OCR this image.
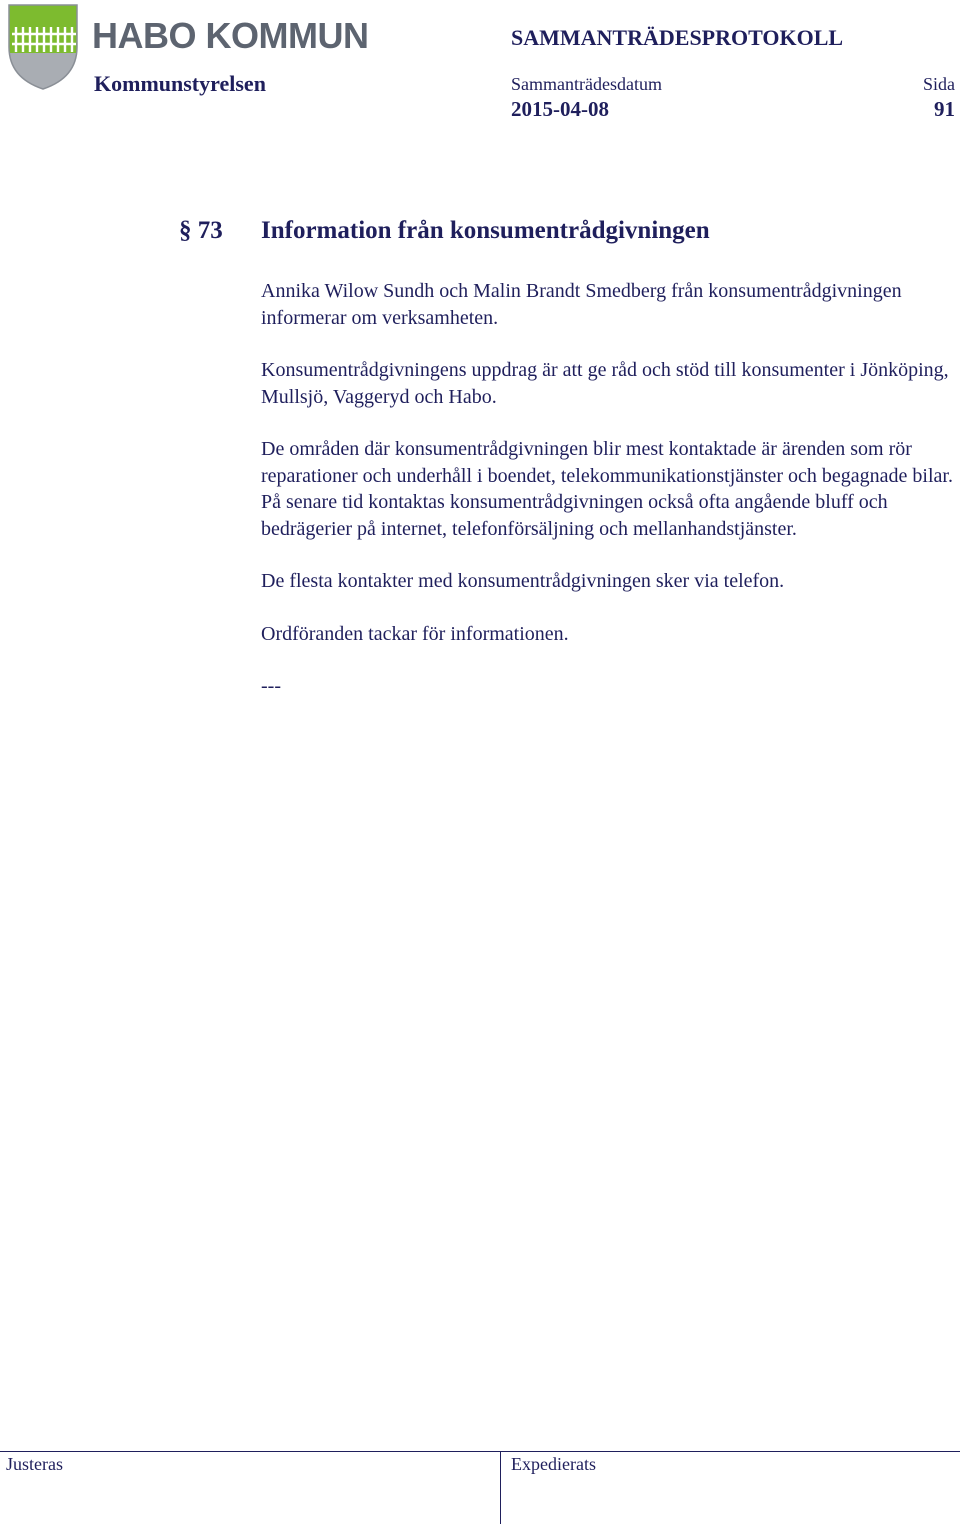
HABO KOMMUN
Kommunstyrelsen
SAMMANTRÄDESPROTOKOLL
Sammanträdesdatum	Sida
2015-04-08	91
§ 73 Information från konsumentrådgivningen

Annika Wilow Sundh och Malin Brandt Smedberg från konsumentrådgivningen informerar om verksamheten.

Konsumentrådgivningens uppdrag är att ge råd och stöd till konsumenter i Jönköping, Mullsjö, Vaggeryd och Habo.

De områden där konsumentrådgivningen blir mest kontaktade är ärenden som rör reparationer och underhåll i boendet, telekommunikationstjänster och begagnade bilar. På senare tid kontaktas konsumentrådgivningen också ofta angående bluff och bedrägerier på internet, telefonförsäljning och mellanhandstjänster.

De flesta kontakter med konsumentrådgivningen sker via telefon.

Ordföranden tackar för informationen.

---
Justeras	Expedierats
